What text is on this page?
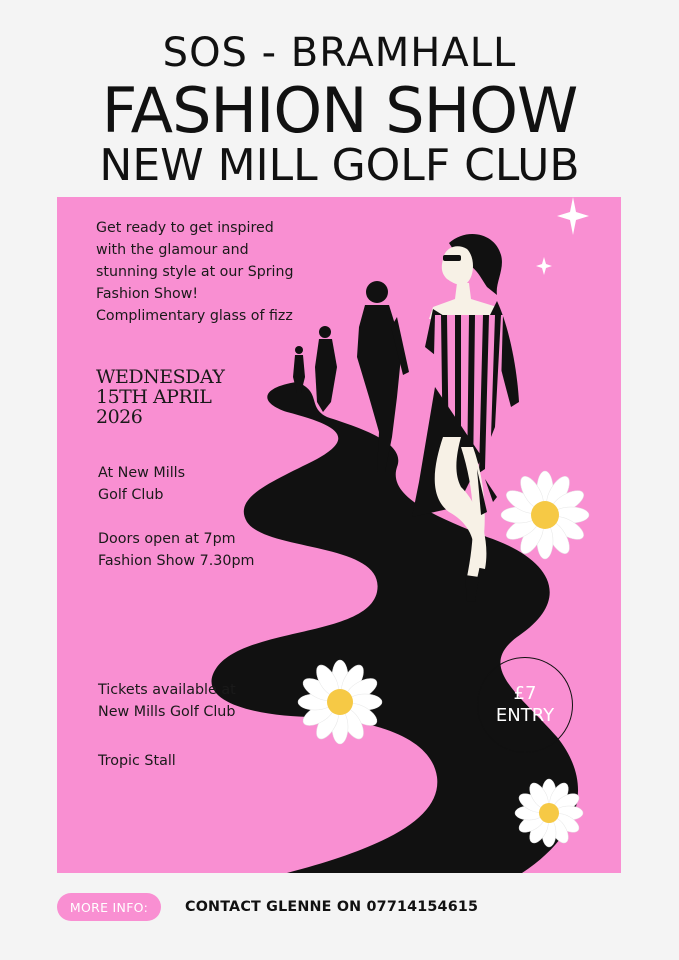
SOS - BRAMHALL
FASHION SHOW
NEW MILL GOLF CLUB
Get ready to get inspired
with the glamour and
stunning style at our Spring
Fashion Show!
Complimentary glass of fizz
WEDNESDAY
15TH APRIL
2026
At New Mills
Golf Club
Doors open at 7pm
Fashion Show 7.30pm
Tickets available at
New Mills Golf Club
Tropic Stall
£7
ENTRY
MORE INFO:	CONTACT GLENNE ON 07714154615
